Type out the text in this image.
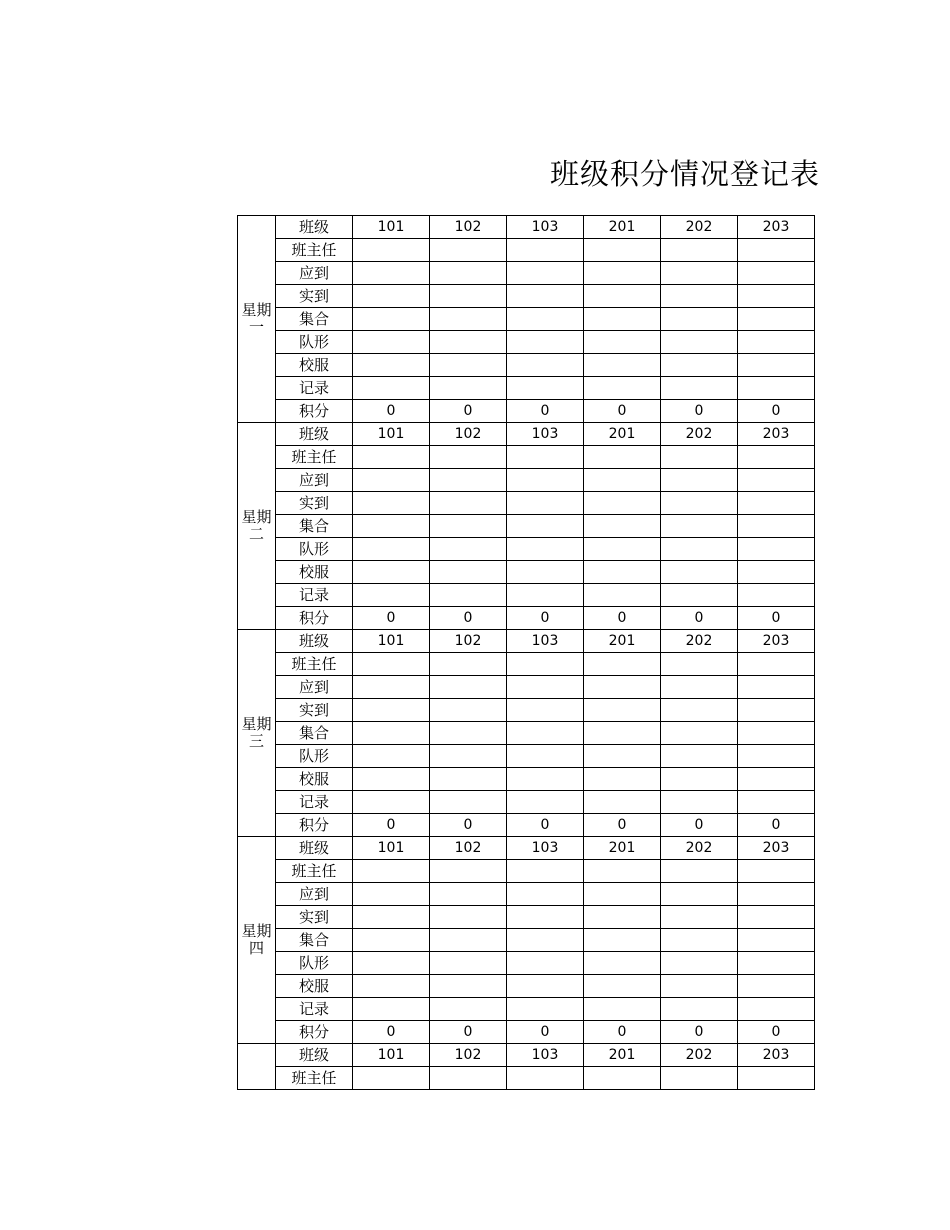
班级积分情况登记表
星期
一	班级	101	102	103	201	202	203
	班主任						
	应到						
	实到						
	集合						
	队形						
	校服						
	记录						
	积分	0	0	0	0	0	0

星期
二	班级	101	102	103	201	202	203
	班主任						
	应到						
	实到						
	集合						
	队形						
	校服						
	记录						
	积分	0	0	0	0	0	0

星期
三	班级	101	102	103	201	202	203
	班主任						
	应到						
	实到						
	集合						
	队形						
	校服						
	记录						
	积分	0	0	0	0	0	0

星期
四	班级	101	102	103	201	202	203
	班主任						
	应到						
	实到						
	集合						
	队形						
	校服						
	记录						
	积分	0	0	0	0	0	0

	班级	101	102	103	201	202	203
	班主任						
